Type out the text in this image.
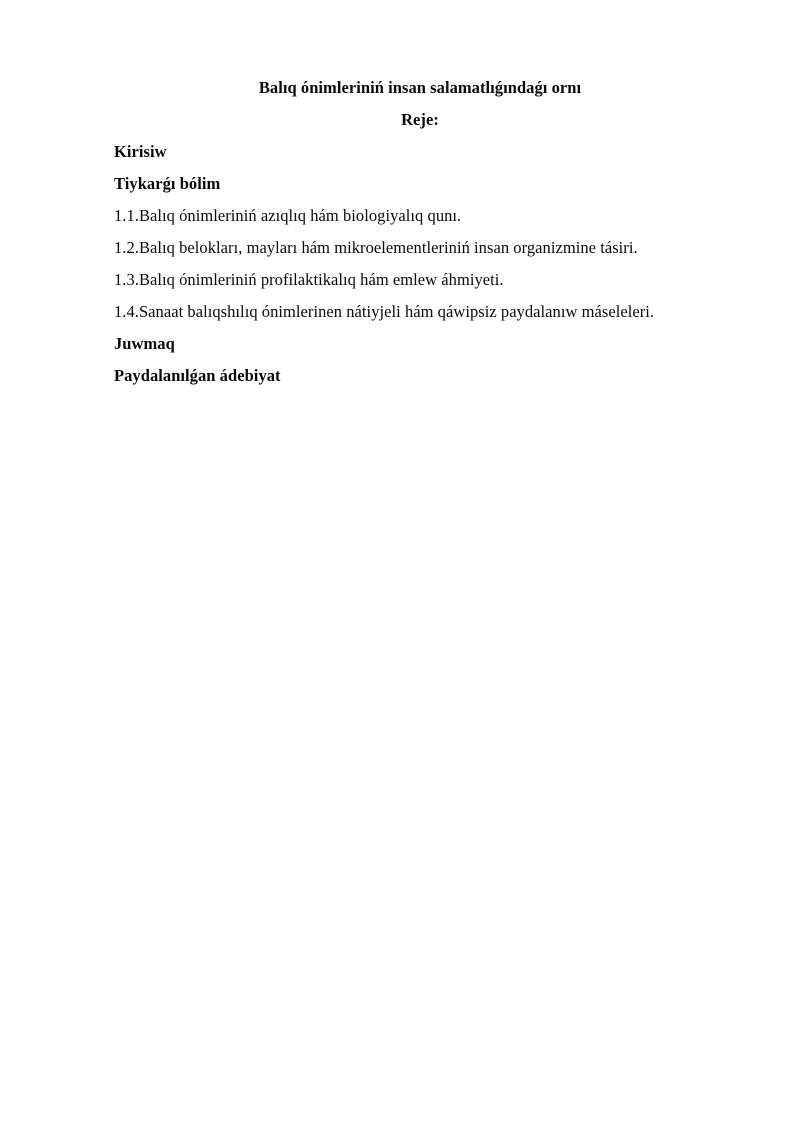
Balıq ónimleriniń insan salamatlıǵındaǵı ornı
Reje:
Kirisiw
Tiykarǵı bólim
1.1.Balıq ónimleriniń azıqlıq hám biologiyalıq qunı.
1.2.Balıq belokları, mayları hám mikroelementleriniń insan organizmine tásiri.
1.3.Balıq ónimleriniń profilaktikalıq hám emlew áhmiyeti.
1.4.Sanaat balıqshılıq ónimlerinen nátiyjeli hám qáwipsiz paydalanıw máseleleri.
Juwmaq
Paydalanılǵan ádebiyat
